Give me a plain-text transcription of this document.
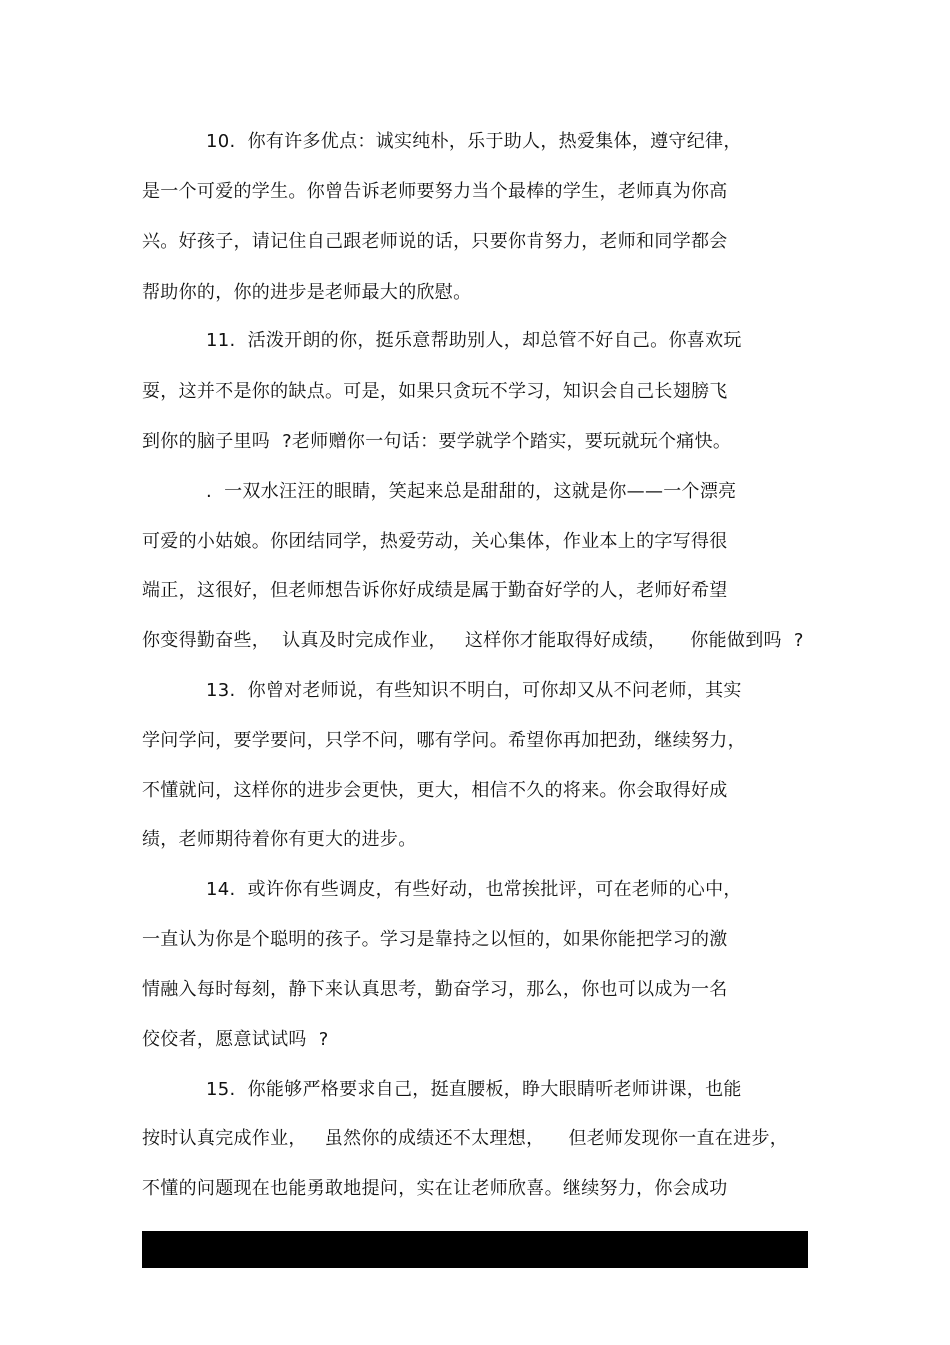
10.  你有许多优点：诚实纯朴，乐于助人，热爱集体，遵守纪律，
是一个可爱的学生。你曾告诉老师要努力当个最棒的学生，老师真为你高
兴。好孩子，请记住自己跟老师说的话，只要你肯努力，老师和同学都会
帮助你的，你的进步是老师最大的欣慰。
11.  活泼开朗的你，挺乐意帮助别人，却总管不好自己。你喜欢玩
耍，这并不是你的缺点。可是，如果只贪玩不学习，知识会自己长翅膀飞
到你的脑子里吗  ?老师赠你一句话：要学就学个踏实，要玩就玩个痛快。
.  一双水汪汪的眼睛，笑起来总是甜甜的，这就是你——一个漂亮
可爱的小姑娘。你团结同学，热爱劳动，关心集体，作业本上的字写得很
端正，这很好，但老师想告诉你好成绩是属于勤奋好学的人，老师好希望
你变得勤奋些，  认真及时完成作业，   这样你才能取得好成绩，    你能做到吗  ?
13.  你曾对老师说，有些知识不明白，可你却又从不问老师，其实
学问学问，要学要问，只学不问，哪有学问。希望你再加把劲，继续努力，
不懂就问，这样你的进步会更快，更大，相信不久的将来。你会取得好成
绩，老师期待着你有更大的进步。
14.  或许你有些调皮，有些好动，也常挨批评，可在老师的心中，
一直认为你是个聪明的孩子。学习是靠持之以恒的，如果你能把学习的激
情融入每时每刻，静下来认真思考，勤奋学习，那么，你也可以成为一名
佼佼者，愿意试试吗  ?
15.  你能够严格要求自己，挺直腰板，睁大眼睛听老师讲课，也能
按时认真完成作业，   虽然你的成绩还不太理想，    但老师发现你一直在进步，
不懂的问题现在也能勇敢地提问，实在让老师欣喜。继续努力，你会成功
